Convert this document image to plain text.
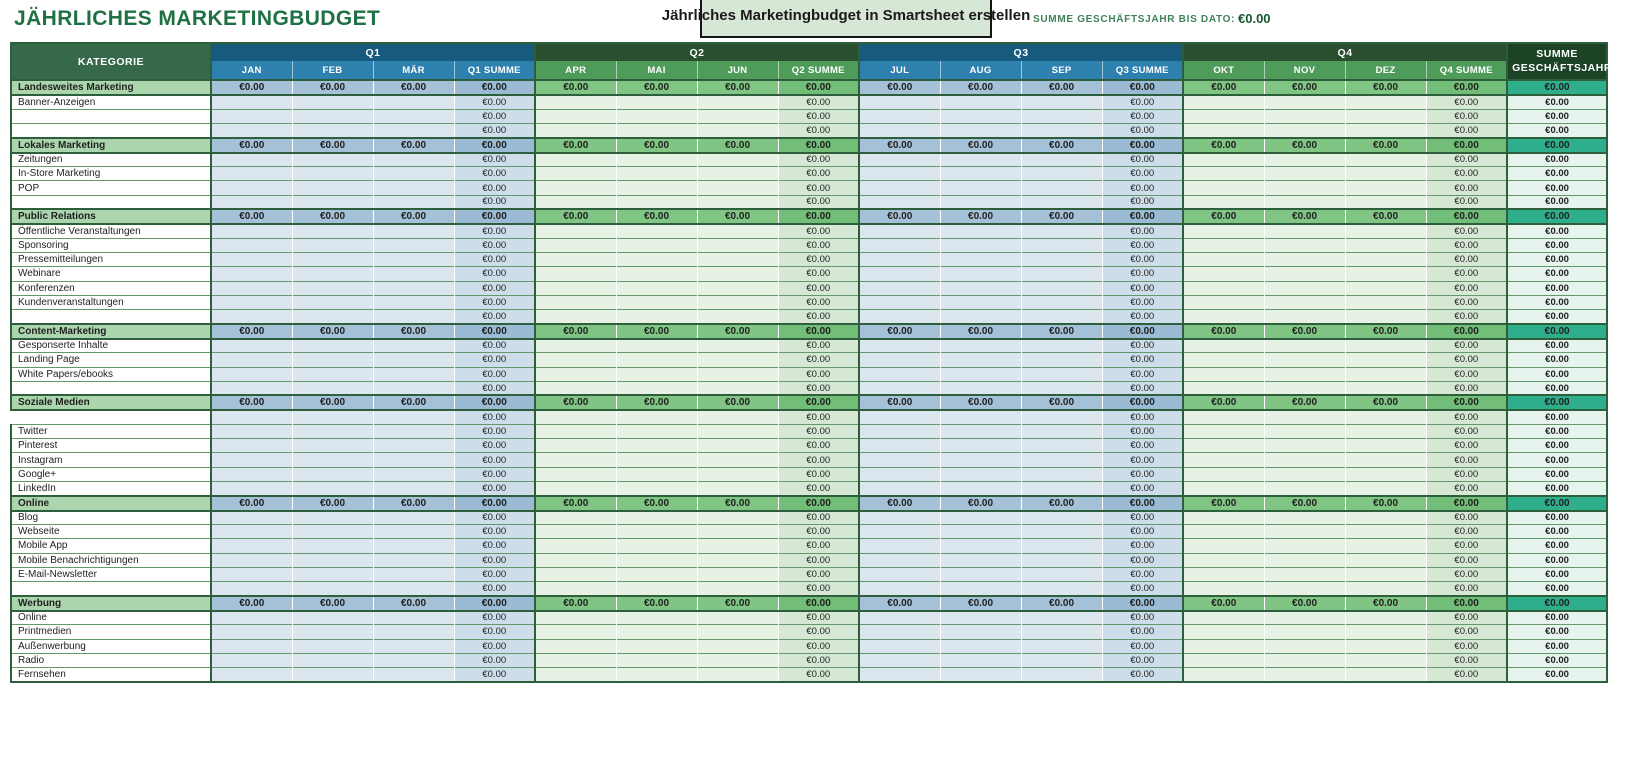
JÄHRLICHES MARKETINGBUDGET	Jährliches Marketingbudget in Smartsheet erstellen SUMME GESCHÄFTSJAHR BIS DATO: €0.00
KATEGORIE	Q1				Q2				Q3				Q4				SUMME GESCHÄFTSJAHR
	JAN	FEB	MÄR	Q1 SUMME	APR	MAI	JUN	Q2 SUMME	JUL	AUG	SEP	Q3 SUMME	OKT	NOV	DEZ	Q4 SUMME	
Landesweites Marketing	€0.00	€0.00	€0.00	€0.00	€0.00	€0.00	€0.00	€0.00	€0.00	€0.00	€0.00	€0.00	€0.00	€0.00	€0.00	€0.00	€0.00
Banner-Anzeigen				€0.00				€0.00				€0.00				€0.00	€0.00
				€0.00				€0.00				€0.00				€0.00	€0.00
				€0.00				€0.00				€0.00				€0.00	€0.00
Lokales Marketing	€0.00	€0.00	€0.00	€0.00	€0.00	€0.00	€0.00	€0.00	€0.00	€0.00	€0.00	€0.00	€0.00	€0.00	€0.00	€0.00	€0.00
Zeitungen				€0.00				€0.00				€0.00				€0.00	€0.00
In-Store Marketing				€0.00				€0.00				€0.00				€0.00	€0.00
POP				€0.00				€0.00				€0.00				€0.00	€0.00
				€0.00				€0.00				€0.00				€0.00	€0.00
Public Relations	€0.00	€0.00	€0.00	€0.00	€0.00	€0.00	€0.00	€0.00	€0.00	€0.00	€0.00	€0.00	€0.00	€0.00	€0.00	€0.00	€0.00
Öffentliche Veranstaltungen				€0.00				€0.00				€0.00				€0.00	€0.00
Sponsoring				€0.00				€0.00				€0.00				€0.00	€0.00
Pressemitteilungen				€0.00				€0.00				€0.00				€0.00	€0.00
Webinare				€0.00				€0.00				€0.00				€0.00	€0.00
Konferenzen				€0.00				€0.00				€0.00				€0.00	€0.00
Kundenveranstaltungen				€0.00				€0.00				€0.00				€0.00	€0.00
				€0.00				€0.00				€0.00				€0.00	€0.00
Content-Marketing	€0.00	€0.00	€0.00	€0.00	€0.00	€0.00	€0.00	€0.00	€0.00	€0.00	€0.00	€0.00	€0.00	€0.00	€0.00	€0.00	€0.00
Gesponserte Inhalte				€0.00				€0.00				€0.00				€0.00	€0.00
Landing Page				€0.00				€0.00				€0.00				€0.00	€0.00
White Papers/ebooks				€0.00				€0.00				€0.00				€0.00	€0.00
				€0.00				€0.00				€0.00				€0.00	€0.00
Soziale Medien	€0.00	€0.00	€0.00	€0.00	€0.00	€0.00	€0.00	€0.00	€0.00	€0.00	€0.00	€0.00	€0.00	€0.00	€0.00	€0.00	€0.00
				€0.00				€0.00				€0.00				€0.00	€0.00
Twitter				€0.00				€0.00				€0.00				€0.00	€0.00
Pinterest				€0.00				€0.00				€0.00				€0.00	€0.00
Instagram				€0.00				€0.00				€0.00				€0.00	€0.00
Google+				€0.00				€0.00				€0.00				€0.00	€0.00
LinkedIn				€0.00				€0.00				€0.00				€0.00	€0.00
Online	€0.00	€0.00	€0.00	€0.00	€0.00	€0.00	€0.00	€0.00	€0.00	€0.00	€0.00	€0.00	€0.00	€0.00	€0.00	€0.00	€0.00
Blog				€0.00				€0.00				€0.00				€0.00	€0.00
Webseite				€0.00				€0.00				€0.00				€0.00	€0.00
Mobile App				€0.00				€0.00				€0.00				€0.00	€0.00
Mobile Benachrichtigungen				€0.00				€0.00				€0.00				€0.00	€0.00
E-Mail-Newsletter				€0.00				€0.00				€0.00				€0.00	€0.00
				€0.00				€0.00				€0.00				€0.00	€0.00
Werbung	€0.00	€0.00	€0.00	€0.00	€0.00	€0.00	€0.00	€0.00	€0.00	€0.00	€0.00	€0.00	€0.00	€0.00	€0.00	€0.00	€0.00
Online				€0.00				€0.00				€0.00				€0.00	€0.00
Printmedien				€0.00				€0.00				€0.00				€0.00	€0.00
Außenwerbung				€0.00				€0.00				€0.00				€0.00	€0.00
Radio				€0.00				€0.00				€0.00				€0.00	€0.00
Fernsehen				€0.00				€0.00				€0.00				€0.00	€0.00
